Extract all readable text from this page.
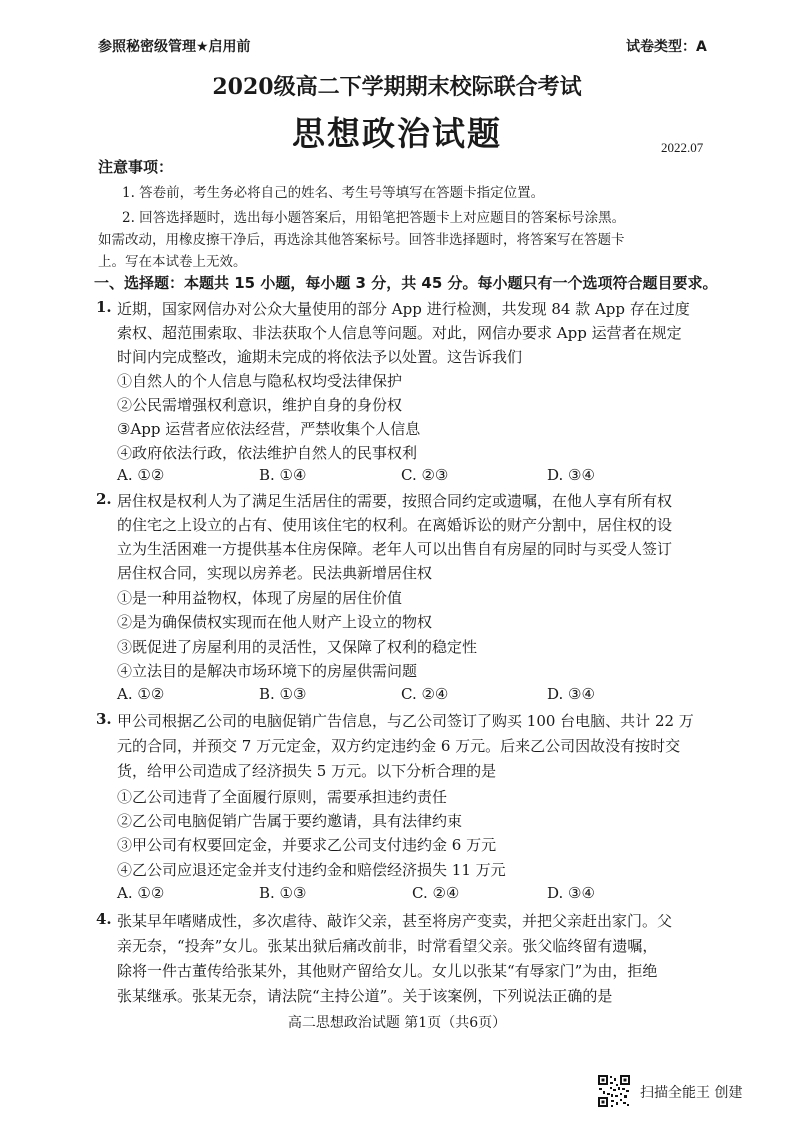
参照秘密级管理★启用前	试卷类型：A
2020级高二下学期期末校际联合考试
思想政治试题	2022.07
注意事项：
1. 答卷前，考生务必将自己的姓名、考生号等填写在答题卡指定位置。
2. 回答选择题时，选出每小题答案后，用铅笔把答题卡上对应题目的答案标号涂黑。
如需改动，用橡皮擦干净后，再选涂其他答案标号。回答非选择题时，将答案写在答题卡
上。写在本试卷上无效。
一、选择题：本题共 15 小题，每小题 3 分，共 45 分。每小题只有一个选项符合题目要求。
1. 近期，国家网信办对公众大量使用的部分 App 进行检测，共发现 84 款 App 存在过度
索权、超范围索取、非法获取个人信息等问题。对此，网信办要求 App 运营者在规定
时间内完成整改，逾期未完成的将依法予以处置。这告诉我们
①自然人的个人信息与隐私权均受法律保护
②公民需增强权利意识，维护自身的身份权
③App 运营者应依法经营，严禁收集个人信息
④政府依法行政，依法维护自然人的民事权利
A. ①②	B. ①④	C. ②③	D. ③④
2. 居住权是权利人为了满足生活居住的需要，按照合同约定或遗嘱，在他人享有所有权
的住宅之上设立的占有、使用该住宅的权利。在离婚诉讼的财产分割中，居住权的设
立为生活困难一方提供基本住房保障。老年人可以出售自有房屋的同时与买受人签订
居住权合同，实现以房养老。民法典新增居住权
①是一种用益物权，体现了房屋的居住价值
②是为确保债权实现而在他人财产上设立的物权
③既促进了房屋利用的灵活性，又保障了权利的稳定性
④立法目的是解决市场环境下的房屋供需问题
A. ①②	B. ①③	C. ②④	D. ③④
3. 甲公司根据乙公司的电脑促销广告信息，与乙公司签订了购买 100 台电脑、共计 22 万
元的合同，并预交 7 万元定金，双方约定违约金 6 万元。后来乙公司因故没有按时交
货，给甲公司造成了经济损失 5 万元。以下分析合理的是
①乙公司违背了全面履行原则，需要承担违约责任
②乙公司电脑促销广告属于要约邀请，具有法律约束
③甲公司有权要回定金，并要求乙公司支付违约金 6 万元
④乙公司应退还定金并支付违约金和赔偿经济损失 11 万元
A. ①②	B. ①③	C. ②④	D. ③④
4. 张某早年嗜赌成性，多次虐待、敲诈父亲，甚至将房产变卖，并把父亲赶出家门。父
亲无奈，“投奔”女儿。张某出狱后痛改前非，时常看望父亲。张父临终留有遗嘱，
除将一件古董传给张某外，其他财产留给女儿。女儿以张某“有辱家门”为由，拒绝
张某继承。张某无奈，请法院“主持公道”。关于该案例，下列说法正确的是
高二思想政治试题 第1页（共6页）
扫描全能王 创建
